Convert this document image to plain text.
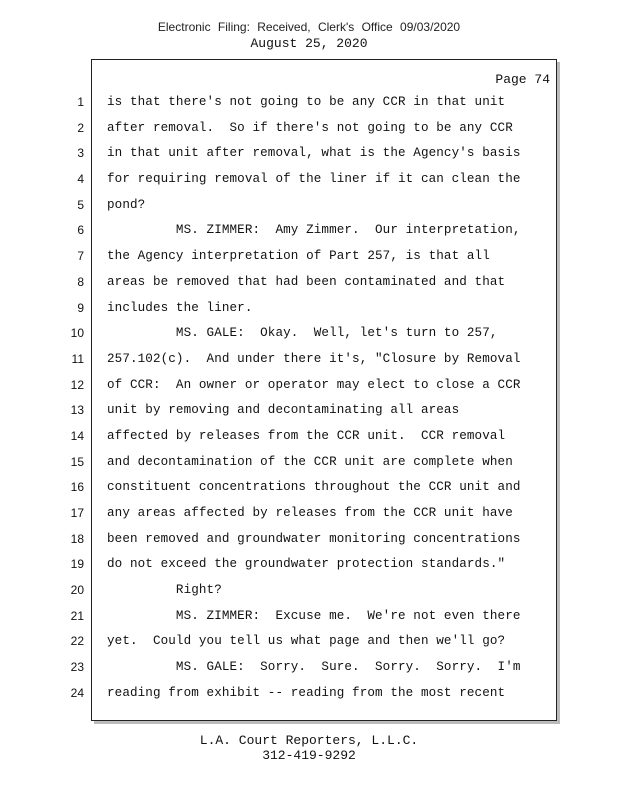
Electronic Filing: Received, Clerk's Office 09/03/2020
August 25, 2020
Page 74
1 is that there's not going to be any CCR in that unit
2 after removal.  So if there's not going to be any CCR
3 in that unit after removal, what is the Agency's basis
4 for requiring removal of the liner if it can clean the
5 pond?
6 MS. ZIMMER:  Amy Zimmer.  Our interpretation,
7 the Agency interpretation of Part 257, is that all
8 areas be removed that had been contaminated and that
9 includes the liner.
10 MS. GALE:  Okay.  Well, let's turn to 257,
11 257.102(c).  And under there it's, "Closure by Removal
12 of CCR:  An owner or operator may elect to close a CCR
13 unit by removing and decontaminating all areas
14 affected by releases from the CCR unit.  CCR removal
15 and decontamination of the CCR unit are complete when
16 constituent concentrations throughout the CCR unit and
17 any areas affected by releases from the CCR unit have
18 been removed and groundwater monitoring concentrations
19 do not exceed the groundwater protection standards."
20 Right?
21 MS. ZIMMER:  Excuse me.  We're not even there
22 yet.  Could you tell us what page and then we'll go?
23 MS. GALE:  Sorry.  Sure.  Sorry.  Sorry.  I'm
24 reading from exhibit -- reading from the most recent
L.A. Court Reporters, L.L.C.
312-419-9292
